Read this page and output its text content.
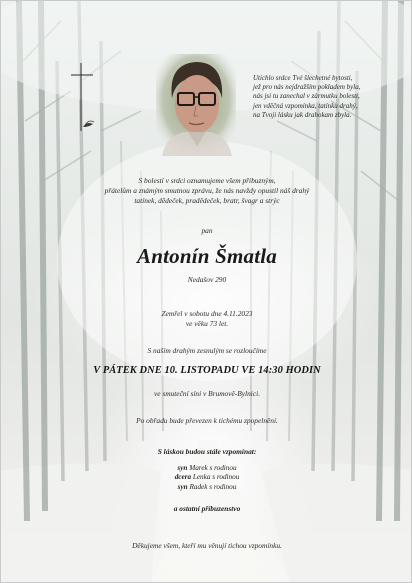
Utichlo srdce Tvé šlechetné bytosti,
jež pro nás nejdražším pokladem byla,
nás jsi tu zanechal v zármutku bolesti,
jen vděčná vzpomínka, tatínku drahý,
na Tvoji lásku jak drahokam zbyla.
S bolestí v srdci oznamujeme všem příbuzným,
přátelům a známým smutnou zprávu, že nás navždy opustil náš drahý
tatínek, dědeček, pradědeček, bratr, švagr a strýc
pan
Antonín Šmatla
Nedašov 290
Zemřel v sobotu dne 4.11.2023
ve věku 73 let.
S naším drahým zesnulým se rozloučíme
V PÁTEK DNE 10. LISTOPADU VE 14:30 HODIN
ve smuteční síni v Brumově-Bylnici.
Po obřadu bude převezen k tichému zpopelnění.
S láskou budou stále vzpomínat:
syn Marek s rodinou
dcera Lenka s rodinou
syn Radek s rodinou
a ostatní příbuzenstvo
Děkujeme všem, kteří mu věnují tichou vzpomínku.
